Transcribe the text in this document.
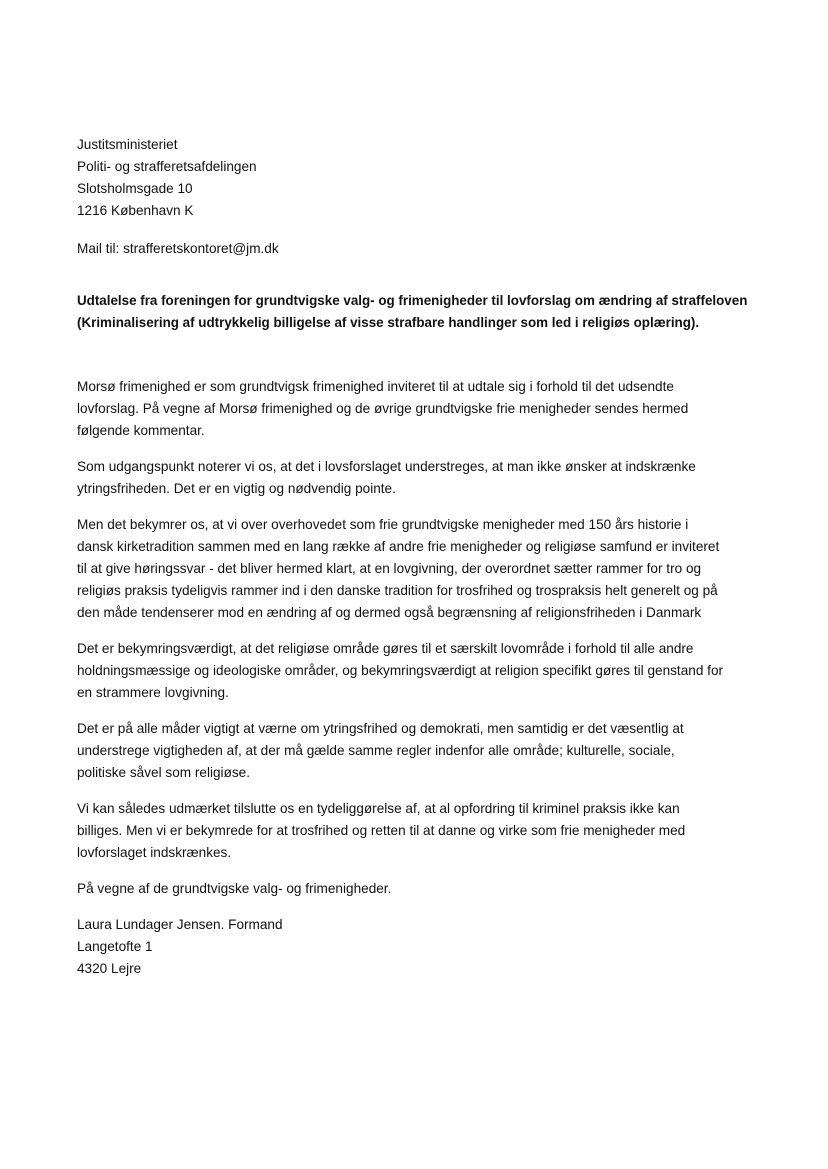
Justitsministeriet
Politi- og strafferetsafdelingen
Slotsholmsgade 10
1216 København K
Mail til: strafferetskontoret@jm.dk
Udtalelse fra foreningen for grundtvigske valg- og frimenigheder til lovforslag om ændring af straffeloven
(Kriminalisering af udtrykkelig billigelse af visse strafbare handlinger som led i religiøs oplæring).

Morsø frimenighed er som grundtvigsk frimenighed inviteret til at udtale sig i forhold til det udsendte
lovforslag. På vegne af Morsø frimenighed og de øvrige grundtvigske frie menigheder sendes hermed
følgende kommentar.

Som udgangspunkt noterer vi os, at det i lovsforslaget understreges, at man ikke ønsker at indskrænke
ytringsfriheden. Det er en vigtig og nødvendig pointe.

Men det bekymrer os, at vi over overhovedet som frie grundtvigske menigheder med 150 års historie i
dansk kirketradition sammen med en lang række af andre frie menigheder og religiøse samfund er inviteret
til at give høringssvar - det bliver hermed klart, at en lovgivning, der overordnet sætter rammer for tro og
religiøs praksis tydeligvis rammer ind i den danske tradition for trosfrihed og trospraksis helt generelt og på
den måde tendenserer mod en ændring af og dermed også begrænsning af religionsfriheden i Danmark

Det er bekymringsværdigt, at det religiøse område gøres til et særskilt lovområde i forhold til alle andre
holdningsmæssige og ideologiske områder, og bekymringsværdigt at religion specifikt gøres til genstand for
en strammere lovgivning.

Det er på alle måder vigtigt at værne om ytringsfrihed og demokrati, men samtidig er det væsentlig at
understrege vigtigheden af, at der må gælde samme regler indenfor alle område; kulturelle, sociale,
politiske såvel som religiøse.

Vi kan således udmærket tilslutte os en tydeliggørelse af, at al opfordring til kriminel praksis ikke kan
billiges. Men vi er bekymrede for at trosfrihed og retten til at danne og virke som frie menigheder med
lovforslaget indskrænkes.

På vegne af de grundtvigske valg- og frimenigheder.

Laura Lundager Jensen. Formand
Langetofte 1
4320 Lejre
